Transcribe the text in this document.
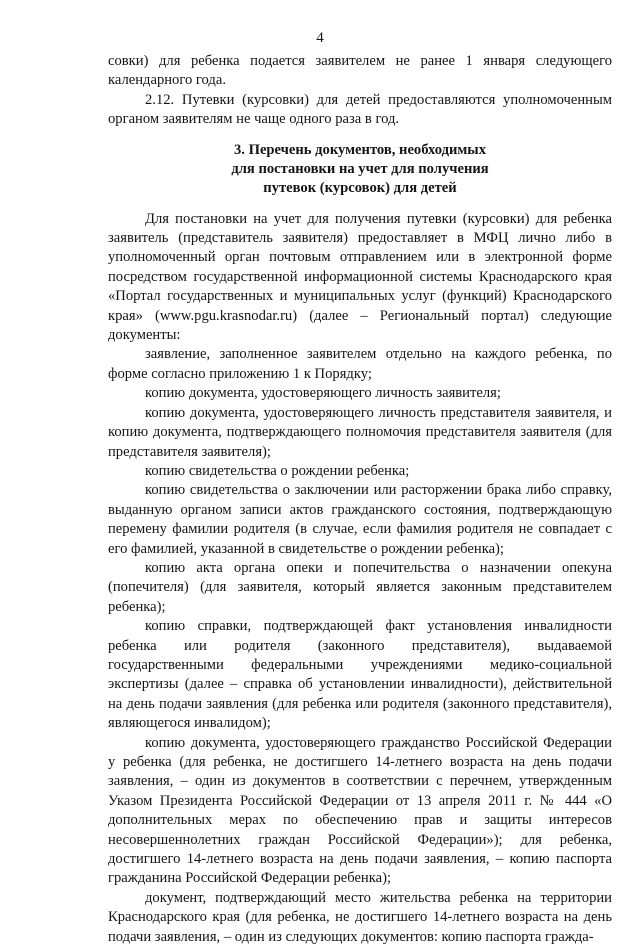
4

совки) для ребенка подается заявителем не ранее 1 января следующего календарного года.

2.12. Путевки (курсовки) для детей предоставляются уполномоченным органом заявителям не чаще одного раза в год.

3. Перечень документов, необходимых
для постановки на учет для получения
путевок (курсовок) для детей

Для постановки на учет для получения путевки (курсовки) для ребенка заявитель (представитель заявителя) предоставляет в МФЦ лично либо в уполномоченный орган почтовым отправлением или в электронной форме посредством государственной информационной системы Краснодарского края «Портал государственных и муниципальных услуг (функций) Краснодарского края» (www.pgu.krasnodar.ru) (далее – Региональный портал) следующие документы:

заявление, заполненное заявителем отдельно на каждого ребенка, по форме согласно приложению 1 к Порядку;

копию документа, удостоверяющего личность заявителя;

копию документа, удостоверяющего личность представителя заявителя, и копию документа, подтверждающего полномочия представителя заявителя (для представителя заявителя);

копию свидетельства о рождении ребенка;

копию свидетельства о заключении или расторжении брака либо справку, выданную органом записи актов гражданского состояния, подтверждающую перемену фамилии родителя (в случае, если фамилия родителя не совпадает с его фамилией, указанной в свидетельстве о рождении ребенка);

копию акта органа опеки и попечительства о назначении опекуна (попечителя) (для заявителя, который является законным представителем ребенка);

копию справки, подтверждающей факт установления инвалидности ребенка или родителя (законного представителя), выдаваемой государственными федеральными учреждениями медико-социальной экспертизы (далее – справка об установлении инвалидности), действительной на день подачи заявления (для ребенка или родителя (законного представителя), являющегося инвалидом);

копию документа, удостоверяющего гражданство Российской Федерации у ребенка (для ребенка, не достигшего 14-летнего возраста на день подачи заявления, – один из документов в соответствии с перечнем, утвержденным Указом Президента Российской Федерации от 13 апреля 2011 г. № 444 «О дополнительных мерах по обеспечению прав и защиты интересов несовершеннолетних граждан Российской Федерации»); для ребенка, достигшего 14-летнего возраста на день подачи заявления, – копию паспорта гражданина Российской Федерации ребенка);

документ, подтверждающий место жительства ребенка на территории Краснодарского края (для ребенка, не достигшего 14-летнего возраста на день подачи заявления, – один из следующих документов: копию паспорта гражда-
